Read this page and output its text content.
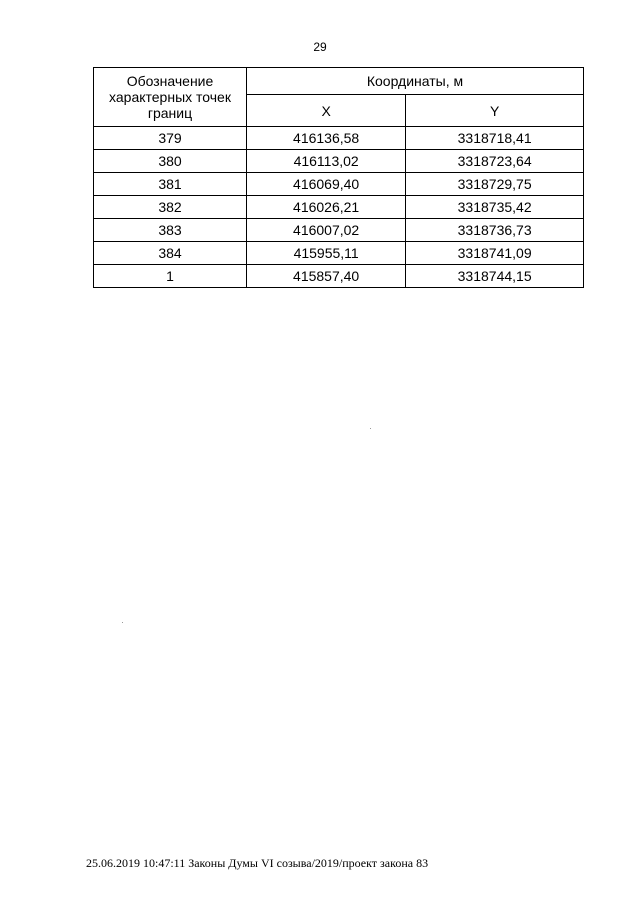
29
Обозначение характерных точек границ	Координаты, м	
	X	Y
379	416136,58	3318718,41
380	416113,02	3318723,64
381	416069,40	3318729,75
382	416026,21	3318735,42
383	416007,02	3318736,73
384	415955,11	3318741,09
1	415857,40	3318744,15
25.06.2019 10:47:11 Законы Думы VI созыва/2019/проект закона 83
